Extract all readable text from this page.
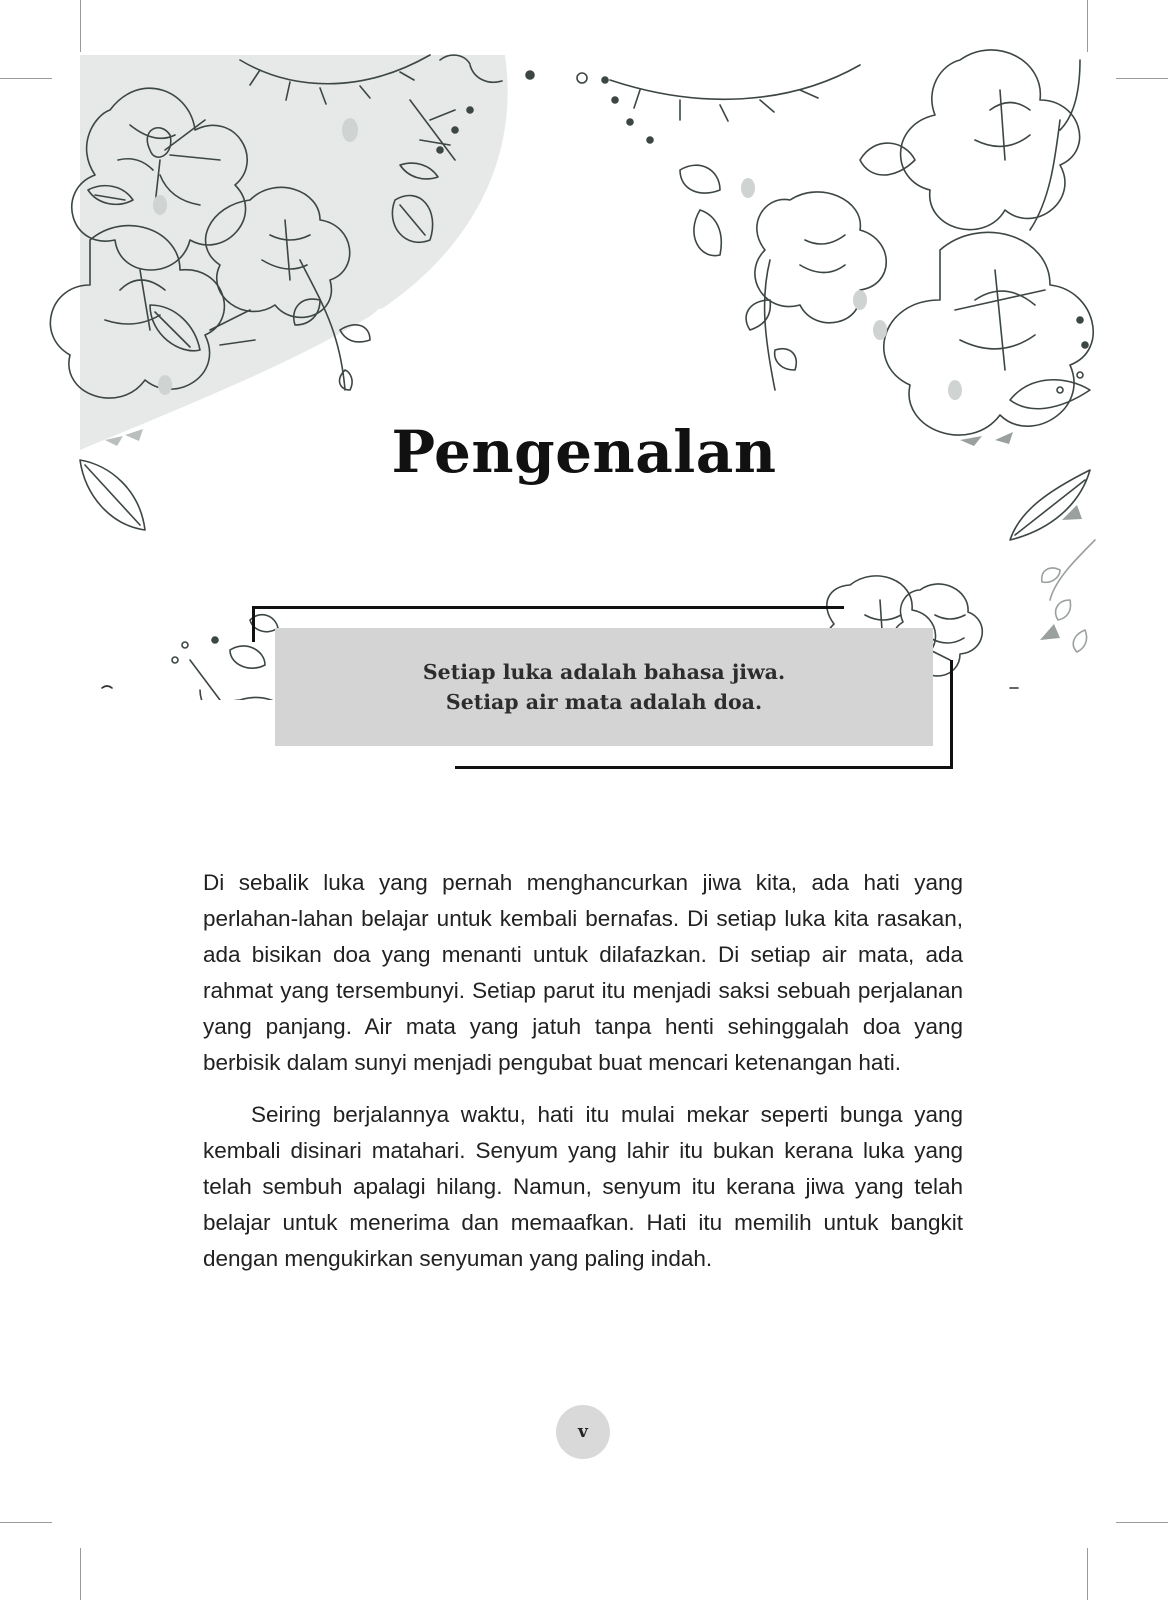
Pengenalan
Setiap luka adalah bahasa jiwa.
Setiap air mata adalah doa.

Di sebalik luka yang pernah menghancurkan jiwa kita, ada hati yang perlahan-lahan belajar untuk kembali bernafas. Di setiap luka kita rasakan, ada bisikan doa yang menanti untuk dilafazkan. Di setiap air mata, ada rahmat yang tersembunyi. Setiap parut itu menjadi saksi sebuah perjalanan yang panjang. Air mata yang jatuh tanpa henti sehinggalah doa yang berbisik dalam sunyi menjadi pengubat buat mencari ketenangan hati.

Seiring berjalannya waktu, hati itu mulai mekar seperti bunga yang kembali disinari matahari. Senyum yang lahir itu bukan kerana luka yang telah sembuh apalagi hilang. Namun, senyum itu kerana jiwa yang telah belajar untuk menerima dan memaafkan. Hati itu memilih untuk bangkit dengan mengukirkan senyuman yang paling indah.

v
